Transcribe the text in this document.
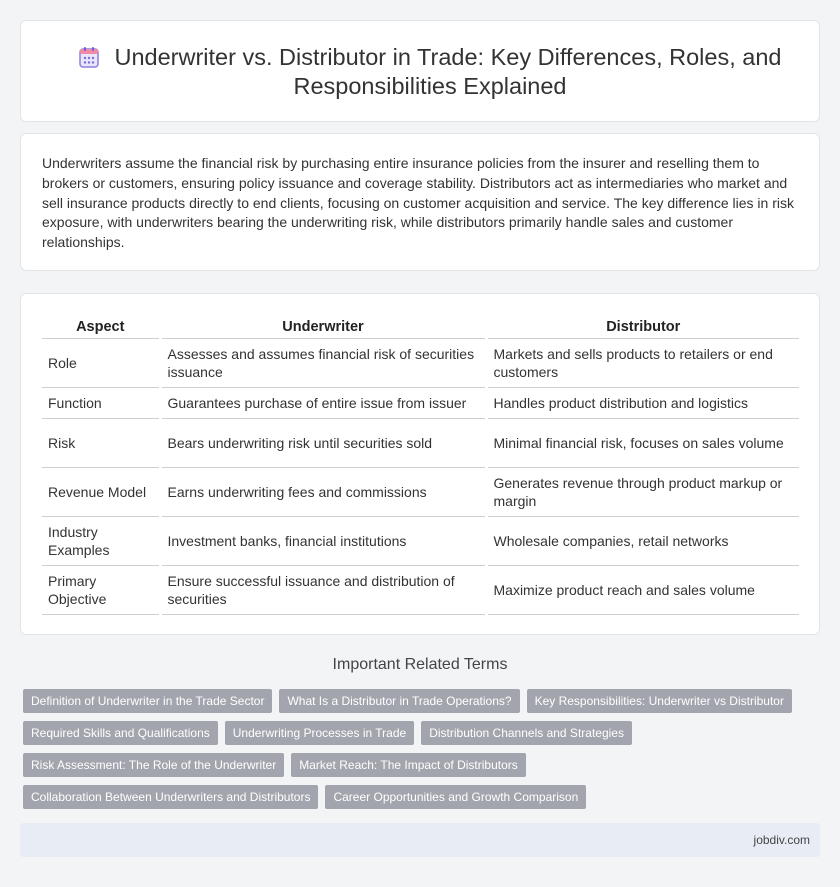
Underwriter vs. Distributor in Trade: Key Differences, Roles, and Responsibilities Explained

Underwriters assume the financial risk by purchasing entire insurance policies from the insurer and reselling them to brokers or customers, ensuring policy issuance and coverage stability. Distributors act as intermediaries who market and sell insurance products directly to end clients, focusing on customer acquisition and service. The key difference lies in risk exposure, with underwriters bearing the underwriting risk, while distributors primarily handle sales and customer relationships.

Aspect	Underwriter	Distributor
Role	Assesses and assumes financial risk of securities issuance	Markets and sells products to retailers or end customers
Function	Guarantees purchase of entire issue from issuer	Handles product distribution and logistics
Risk	Bears underwriting risk until securities sold	Minimal financial risk, focuses on sales volume
Revenue Model	Earns underwriting fees and commissions	Generates revenue through product markup or margin
Industry Examples	Investment banks, financial institutions	Wholesale companies, retail networks
Primary Objective	Ensure successful issuance and distribution of securities	Maximize product reach and sales volume
Important Related Terms
Definition of Underwriter in the Trade Sector	What Is a Distributor in Trade Operations?	Key Responsibilities: Underwriter vs Distributor
Required Skills and Qualifications	Underwriting Processes in Trade	Distribution Channels and Strategies
Risk Assessment: The Role of the Underwriter	Market Reach: The Impact of Distributors
Collaboration Between Underwriters and Distributors	Career Opportunities and Growth Comparison
jobdiv.com
